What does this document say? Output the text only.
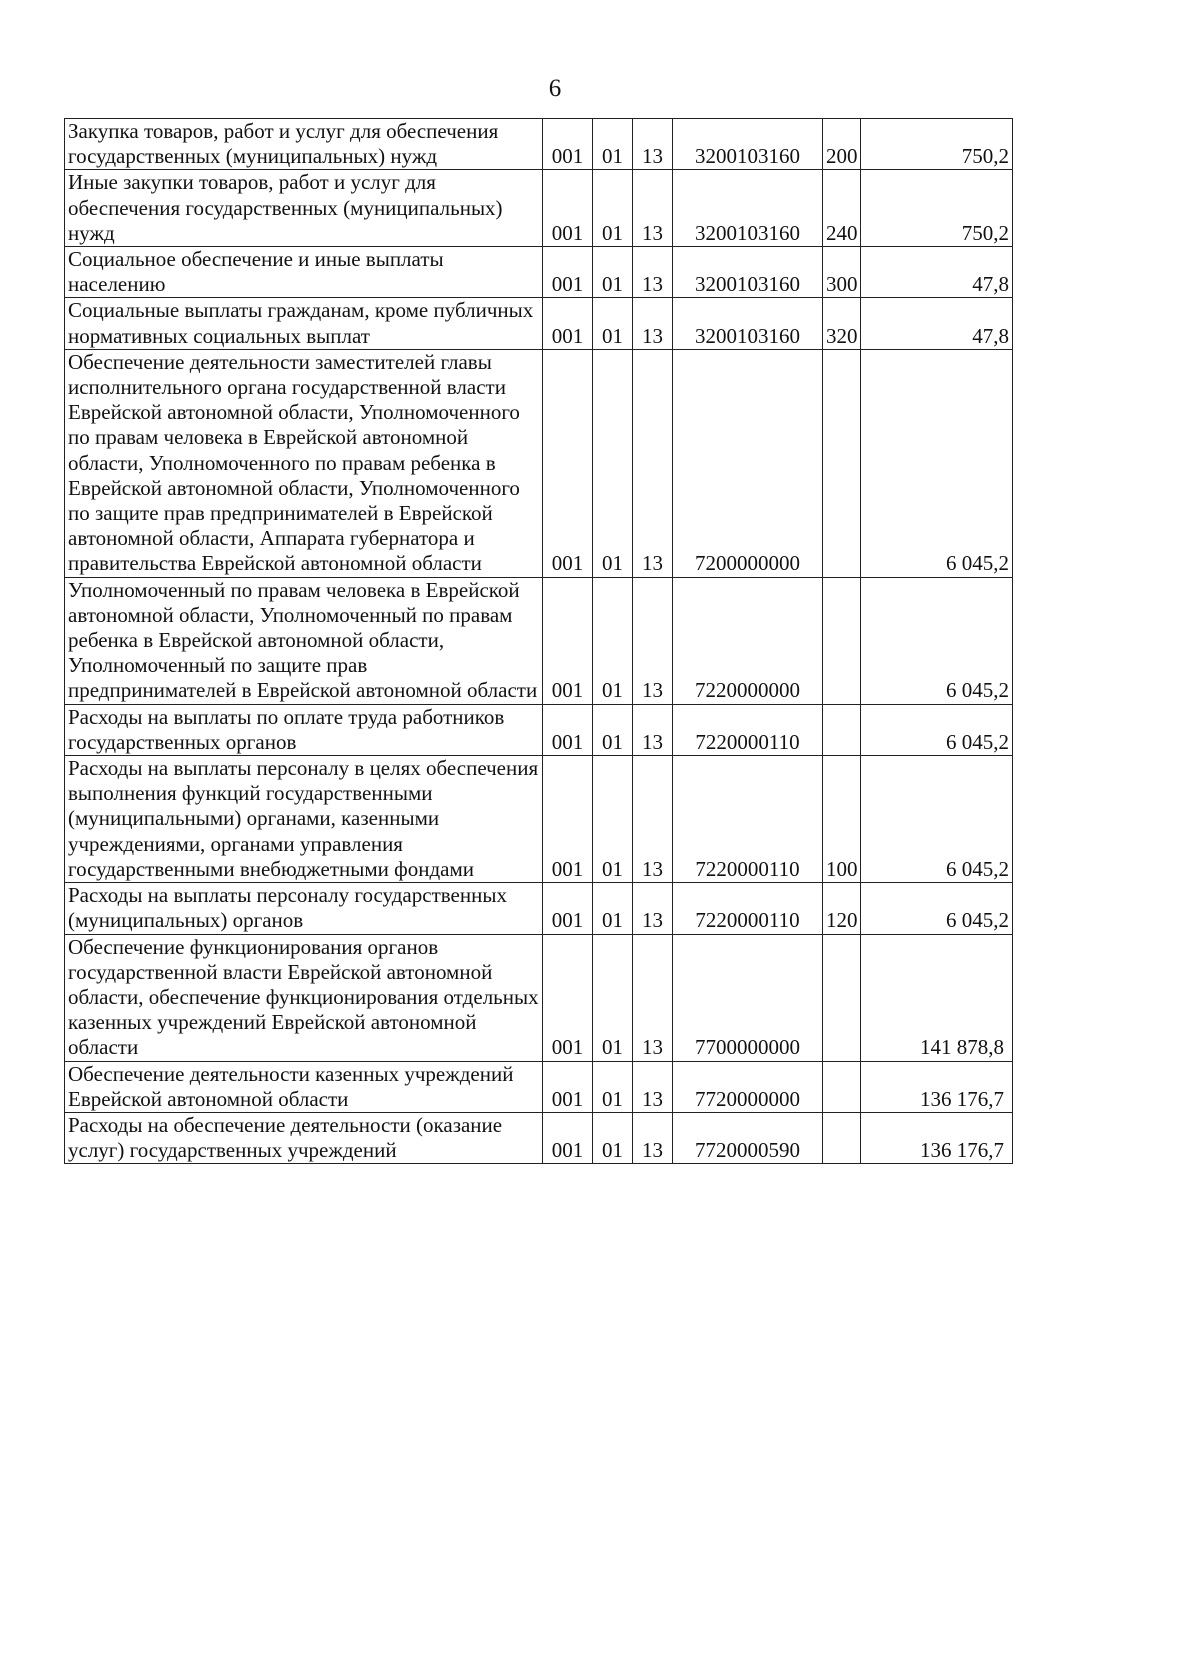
6
Закупка товаров, работ и услуг для обеспечения государственных (муниципальных) нужд	001	01	13	3200103160	200	750,2
Иные закупки товаров, работ и услуг для обеспечения государственных (муниципальных) нужд	001	01	13	3200103160	240	750,2
Социальное обеспечение и иные выплаты населению	001	01	13	3200103160	300	47,8
Социальные выплаты гражданам, кроме публичных нормативных социальных выплат	001	01	13	3200103160	320	47,8
Обеспечение деятельности заместителей главы исполнительного органа государственной власти Еврейской автономной области, Уполномоченного по правам человека в Еврейской автономной области, Уполномоченного по правам ребенка в Еврейской автономной области, Уполномоченного по защите прав предпринимателей в Еврейской автономной области, Аппарата губернатора и правительства Еврейской автономной области	001	01	13	7200000000		6 045,2
Уполномоченный по правам человека в Еврейской автономной области, Уполномоченный по правам ребенка в Еврейской автономной области, Уполномоченный по защите прав предпринимателей в Еврейской автономной области	001	01	13	7220000000		6 045,2
Расходы на выплаты по оплате труда работников государственных органов	001	01	13	7220000110		6 045,2
Расходы на выплаты персоналу в целях обеспечения выполнения функций государственными (муниципальными) органами, казенными учреждениями, органами управления государственными внебюджетными фондами	001	01	13	7220000110	100	6 045,2
Расходы на выплаты персоналу государственных (муниципальных) органов	001	01	13	7220000110	120	6 045,2
Обеспечение функционирования органов государственной власти Еврейской автономной области, обеспечение функционирования отдельных казенных учреждений Еврейской автономной области	001	01	13	7700000000		141 878,8
Обеспечение деятельности казенных учреждений Еврейской автономной области	001	01	13	7720000000		136 176,7
Расходы на обеспечение деятельности (оказание услуг) государственных учреждений	001	01	13	7720000590		136 176,7
